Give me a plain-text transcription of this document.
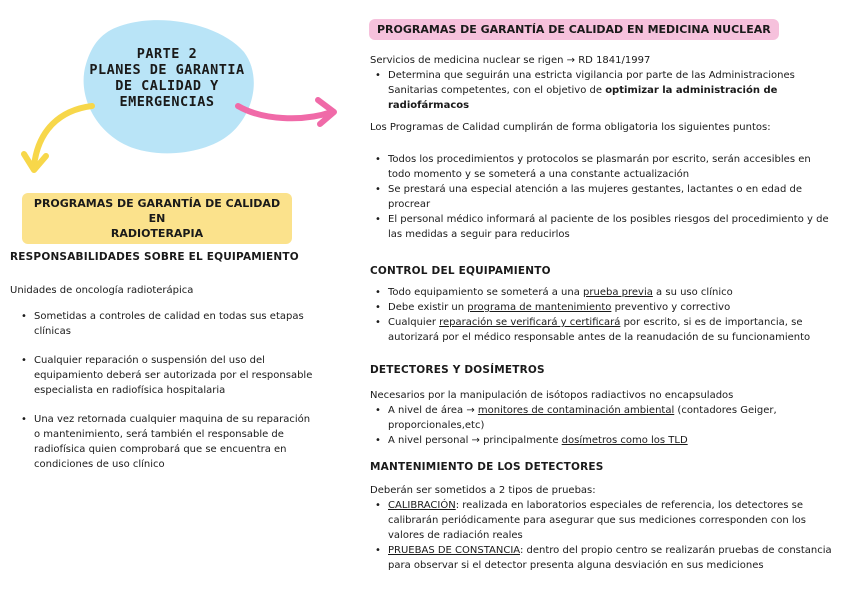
PARTE 2
PLANES DE GARANTIA
DE CALIDAD Y
EMERGENCIAS
PROGRAMAS DE GARANTÍA DE CALIDAD EN
RADIOTERAPIA
RESPONSABILIDADES SOBRE EL EQUIPAMIENTO
Unidades de oncología radioterápica
• Sometidas a controles de calidad en todas sus etapas clínicas
• Cualquier reparación o suspensión del uso del equipamiento deberá ser autorizada por el responsable especialista en radiofísica hospitalaria
• Una vez retornada cualquier maquina de su reparación o mantenimiento, será también el responsable de radiofísica quien comprobará que se encuentra en condiciones de uso clínico
PROGRAMAS DE GARANTÍA DE CALIDAD EN MEDICINA NUCLEAR
Servicios de medicina nuclear se rigen → RD 1841/1997
• Determina que seguirán una estricta vigilancia por parte de las Administraciones Sanitarias competentes, con el objetivo de optimizar la administración de radiofármacos
Los Programas de Calidad cumplirán de forma obligatoria los siguientes puntos:
• Todos los procedimientos y protocolos se plasmarán por escrito, serán accesibles en todo momento y se someterá a una constante actualización
• Se prestará una especial atención a las mujeres gestantes, lactantes o en edad de procrear
• El personal médico informará al paciente de los posibles riesgos del procedimiento y de las medidas a seguir para reducirlos
CONTROL DEL EQUIPAMIENTO
• Todo equipamiento se someterá a una prueba previa a su uso clínico
• Debe existir un programa de mantenimiento preventivo y correctivo
• Cualquier reparación se verificará y certificará por escrito, si es de importancia, se autorizará por el médico responsable antes de la reanudación de su funcionamiento
DETECTORES Y DOSÍMETROS
Necesarios por la manipulación de isótopos radiactivos no encapsulados
• A nivel de área → monitores de contaminación ambiental (contadores Geiger, proporcionales,etc)
• A nivel personal → principalmente dosímetros como los TLD
MANTENIMIENTO DE LOS DETECTORES
Deberán ser sometidos a 2 tipos de pruebas:
• CALIBRACIÓN: realizada en laboratorios especiales de referencia, los detectores se calibrarán periódicamente para asegurar que sus mediciones corresponden con los valores de radiación reales
• PRUEBAS DE CONSTANCIA: dentro del propio centro se realizarán pruebas de constancia para observar si el detector presenta alguna desviación en sus mediciones
